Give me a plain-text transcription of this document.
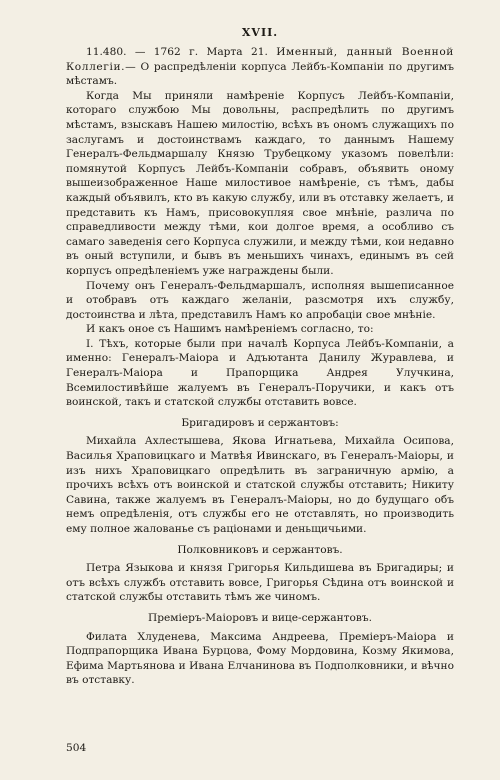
XVII.

11.480. — 1762 г. Марта 21. Именный, данный Военной Коллегіи.— О распредѣленіи корпуса Лейбъ-Компаніи по другимъ мѣстамъ.

Когда Мы приняли намѣреніе Корпусъ Лейбъ-Компаніи, котораго службою Мы довольны, распредѣлить по другимъ мѣстамъ, взыскавъ Нашею милостію, всѣхъ въ ономъ служащихъ по заслугамъ и достоинствамъ каждаго, то даннымъ Нашему Генералъ-Фельдмаршалу Князю Трубецкому указомъ повелѣли: помянутой Корпусъ Лейбъ-Компаніи собравъ, объявить оному вышеизображенное Наше милостивое намѣреніе, съ тѣмъ, дабы каждый объявилъ, кто въ какую службу, или въ отставку желаетъ, и представить къ Намъ, присовокупляя свое мнѣніе, различа по справедливости между тѣми, кои долгое время, а особливо съ самаго заведенія сего Корпуса служили, и между тѣми, кои недавно въ оный вступили, и бывъ въ меньшихъ чинахъ, единымъ въ сей корпусъ опредѣленіемъ уже награждены были.

Почему онъ Генералъ-Фельдмаршалъ, исполняя вышеписанное и отобравъ отъ каждаго желаніи, разсмотря ихъ службу, достоинства и лѣта, представилъ Намъ ко апробаціи свое мнѣніе.

И какъ оное съ Нашимъ намѣреніемъ согласно, то:

I. Тѣхъ, которые были при началѣ Корпуса Лейбъ-Компаніи, а именно: Генералъ-Маіора и Адъютанта Данилу Журавлева, и Генералъ-Маіора и Прапорщика Андрея Улучкина, Всемилостивѣйше жалуемъ въ Генералъ-Поручики, и какъ отъ воинской, такъ и статской службы отставить вовсе.

Бригадировъ и сержантовъ:

Михайла Ахлестышева, Якова Игнатьева, Михайла Осипова, Василья Храповицкаго и Матвѣя Ивинскаго, въ Генералъ-Маіоры, и изъ нихъ Храповицкаго опредѣлить въ заграничную армію, а прочихъ всѣхъ отъ воинской и статской службы отставить; Никиту Савина, также жалуемъ въ Генералъ-Маіоры, но до будущаго объ немъ опредѣленія, отъ службы его не отставлять, но производить ему полное жалованье съ раціонами и деньщичьими.

Полковниковъ и сержантовъ.

Петра Языкова и князя Григорья Кильдишева въ Бригадиры; и отъ всѣхъ службъ отставить вовсе, Григорья Сѣдина отъ воинской и статской службы отставить тѣмъ же чиномъ.

Преміеръ-Маіоровъ и вице-сержантовъ.

Филата Хлуденева, Максима Андреева, Преміеръ-Маіора и Подпрапорщика Ивана Бурцова, Фому Мордовина, Козму Якимова, Ефима Мартьянова и Ивана Елчанинова въ Подполковники, и вѣчно въ отставку.

504
